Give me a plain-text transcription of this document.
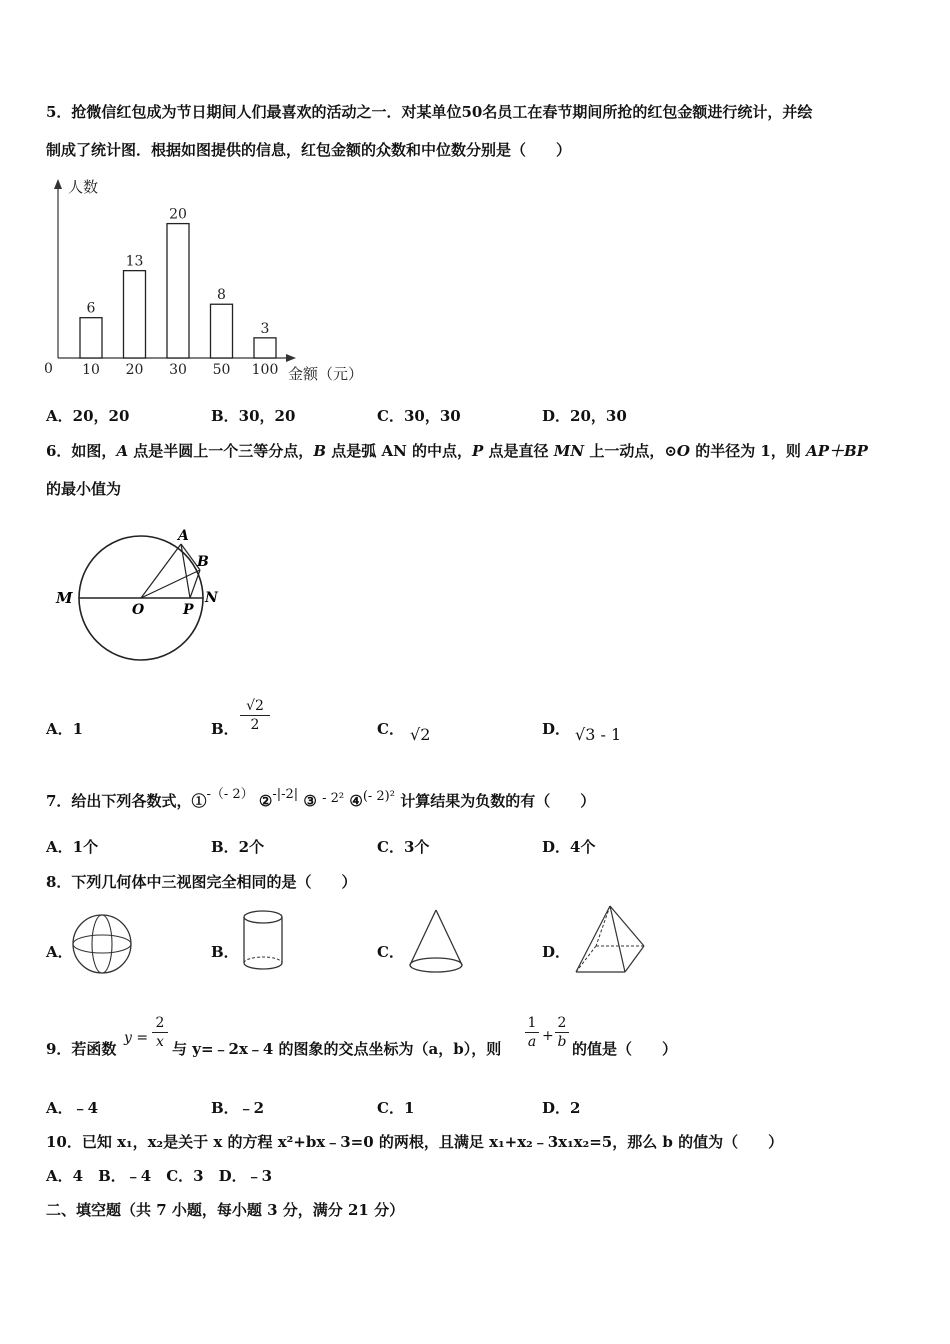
5．抢微信红包成为节日期间人们最喜欢的活动之一．对某单位50名员工在春节期间所抢的红包金额进行统计，并绘
制成了统计图．根据如图提供的信息，红包金额的众数和中位数分别是（　　）
人数
金额（元）
0
6
10
13
20
20
30
8
50
3
100
A．20，20	B．30，20	C．30，30	D．20，30
6．如图，A 点是半圆上一个三等分点，B 点是弧 AN 的中点，P 点是直径 MN 上一动点，⊙O 的半径为 1，则 AP＋BP
的最小值为
M
O	P
N
A
B
A．1	B．
√2
2	C． √2	D． √3 - 1
7．给出下列各数式，①-（- 2） ②-|-2| ③ - 2² ④(- 2)² 计算结果为负数的有（　　）
A．1个	B．2个	C．3个	D．4个
8．下列几何体中三视图完全相同的是（　　）
A．	B．	C．	D．
9．若函数
y =
2
x 与 y=﹣2x﹣4 的图象的交点坐标为（a，b），则
1
a +
2
b 的值是（　　）
A．﹣4	B．﹣2	C．1	D．2
10．已知 x₁，x₂是关于 x 的方程 x²+bx﹣3=0 的两根，且满足 x₁+x₂﹣3x₁x₂=5，那么 b 的值为（　　）
A．4　B．﹣4　C．3　D．﹣3
二、填空题（共 7 小题，每小题 3 分，满分 21 分）
